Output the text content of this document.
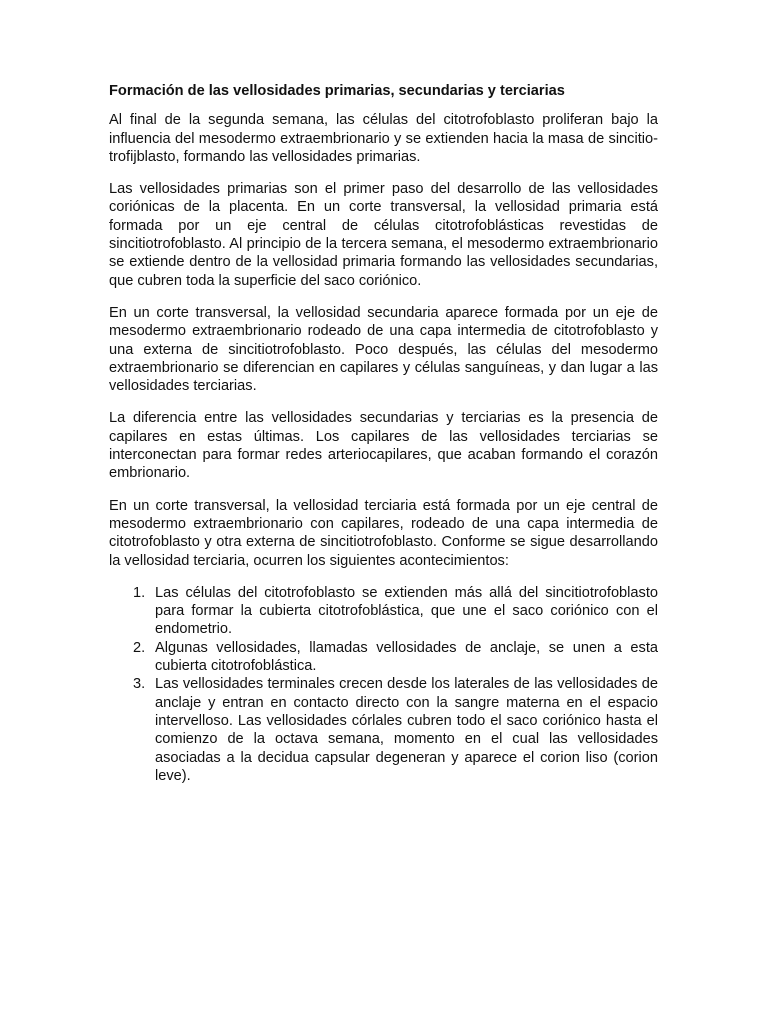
Formación de las vellosidades primarias, secundarias y terciarias

Al final de la segunda semana, las células del citotrofoblasto proliferan bajo la influencia del mesodermo extraembrionario y se extienden hacia la masa de sincitio-trofijblasto, formando las vellosidades primarias.

Las vellosidades primarias son el primer paso del desarrollo de las vellosidades coriónicas de la placenta. En un corte transversal, la vellosidad primaria está formada por un eje central de células citotrofoblásticas revestidas de sincitiotrofoblasto. Al principio de la tercera semana, el mesodermo extraembrionario se extiende dentro de la vellosidad primaria formando las vellosidades secundarias, que cubren toda la superficie del saco coriónico.

En un corte transversal, la vellosidad secundaria aparece formada por un eje de mesodermo extraembrionario rodeado de una capa intermedia de citotrofoblasto y una externa de sincitiotrofoblasto. Poco después, las células del mesodermo extraembrionario se diferencian en capilares y células sanguíneas, y dan lugar a las vellosidades terciarias.

La diferencia entre las vellosidades secundarias y terciarias es la presencia de capilares en estas últimas. Los capilares de las vellosidades terciarias se interconectan para formar redes arteriocapilares, que acaban formando el corazón embrionario.

En un corte transversal, la vellosidad terciaria está formada por un eje central de mesodermo extraembrionario con capilares, rodeado de una capa intermedia de citotrofoblasto y otra externa de sincitiotrofoblasto. Conforme se sigue desarrollando la vellosidad terciaria, ocurren los siguientes acontecimientos:

1. Las células del citotrofoblasto se extienden más allá del sincitiotrofoblasto para formar la cubierta citotrofoblástica, que une el saco coriónico con el endometrio.
2. Algunas vellosidades, llamadas vellosidades de anclaje, se unen a esta cubierta citotrofoblástica.
3. Las vellosidades terminales crecen desde los laterales de las vellosidades de anclaje y entran en contacto directo con la sangre materna en el espacio intervelloso. Las vellosidades córlales cubren todo el saco coriónico hasta el comienzo de la octava semana, momento en el cual las vellosidades asociadas a la decidua capsular degeneran y aparece el corion liso (corion leve).
